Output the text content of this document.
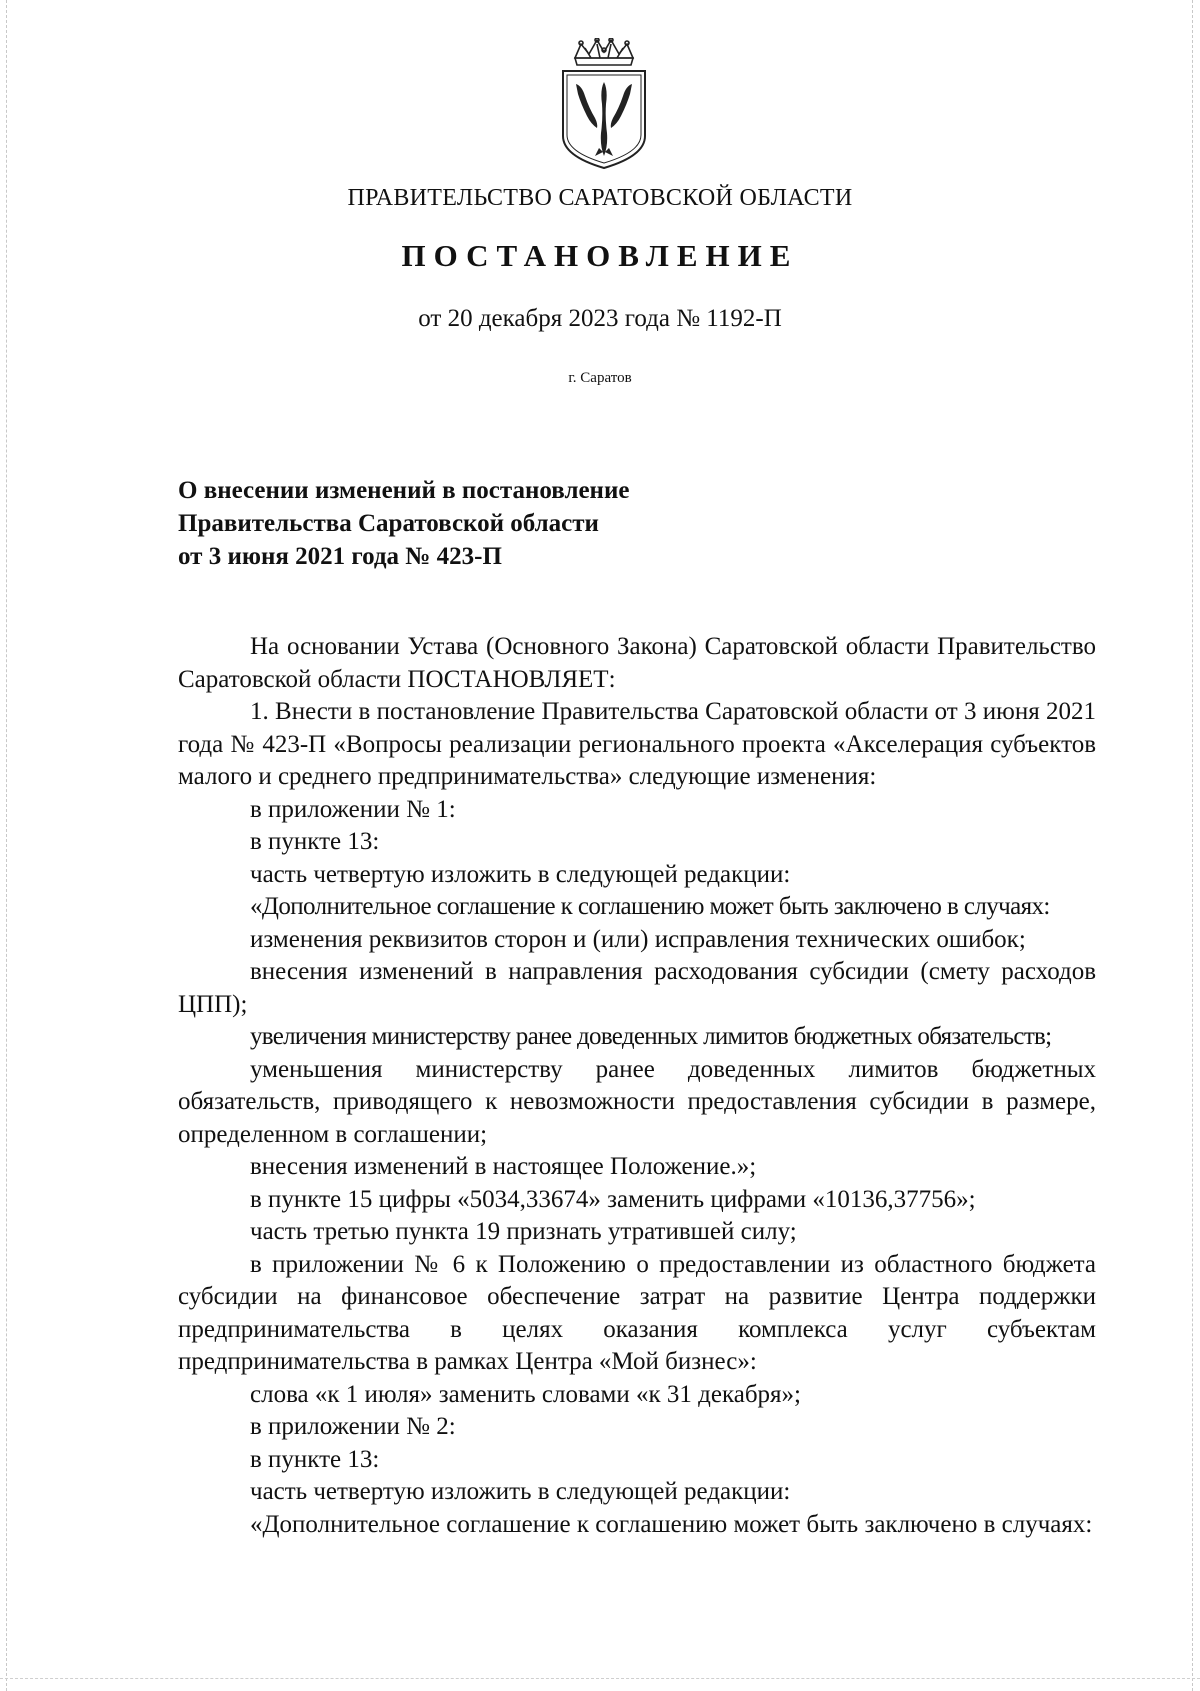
ПРАВИТЕЛЬСТВО САРАТОВСКОЙ ОБЛАСТИ
ПОСТАНОВЛЕНИЕ
от 20 декабря 2023 года № 1192-П
г. Саратов
О внесении изменений в постановление
Правительства Саратовской области
от 3 июня 2021 года № 423-П

На основании Устава (Основного Закона) Саратовской области Правительство Саратовской области ПОСТАНОВЛЯЕТ:

1. Внести в постановление Правительства Саратовской области от 3 июня 2021 года № 423-П «Вопросы реализации регионального проекта «Акселерация субъектов малого и среднего предпринимательства» следующие изменения:

в приложении № 1:

в пункте 13:

часть четвертую изложить в следующей редакции:

«Дополнительное соглашение к соглашению может быть заключено в случаях:

изменения реквизитов сторон и (или) исправления технических ошибок;

внесения изменений в направления расходования субсидии (смету расходов ЦПП);

увеличения министерству ранее доведенных лимитов бюджетных обязательств;

уменьшения министерству ранее доведенных лимитов бюджетных обязательств, приводящего к невозможности предоставления субсидии в размере, определенном в соглашении;

внесения изменений в настоящее Положение.»;

в пункте 15 цифры «5034,33674» заменить цифрами «10136,37756»;

часть третью пункта 19 признать утратившей силу;

в приложении № 6 к Положению о предоставлении из областного бюджета субсидии на финансовое обеспечение затрат на развитие Центра поддержки предпринимательства в целях оказания комплекса услуг субъектам предпринимательства в рамках Центра «Мой бизнес»:

слова «к 1 июля» заменить словами «к 31 декабря»;

в приложении № 2:

в пункте 13:

часть четвертую изложить в следующей редакции:

«Дополнительное соглашение к соглашению может быть заключено в случаях:
